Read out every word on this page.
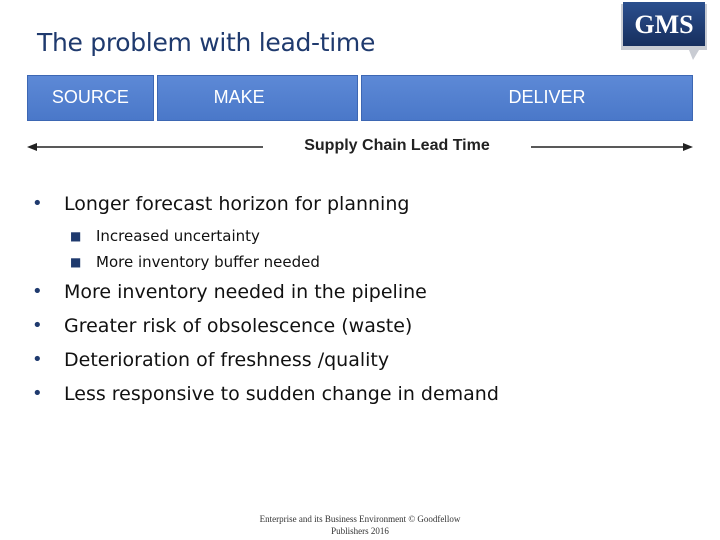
The problem with lead-time
GMS
SOURCE	MAKE	DELIVER
Supply Chain Lead Time
• Longer forecast horizon for planning
■ Increased uncertainty
■ More inventory buffer needed
• More inventory needed in the pipeline
• Greater risk of obsolescence (waste)
• Deterioration of freshness /quality
• Less responsive to sudden change in demand
Enterprise and its Business Environment © Goodfellow
Publishers 2016
